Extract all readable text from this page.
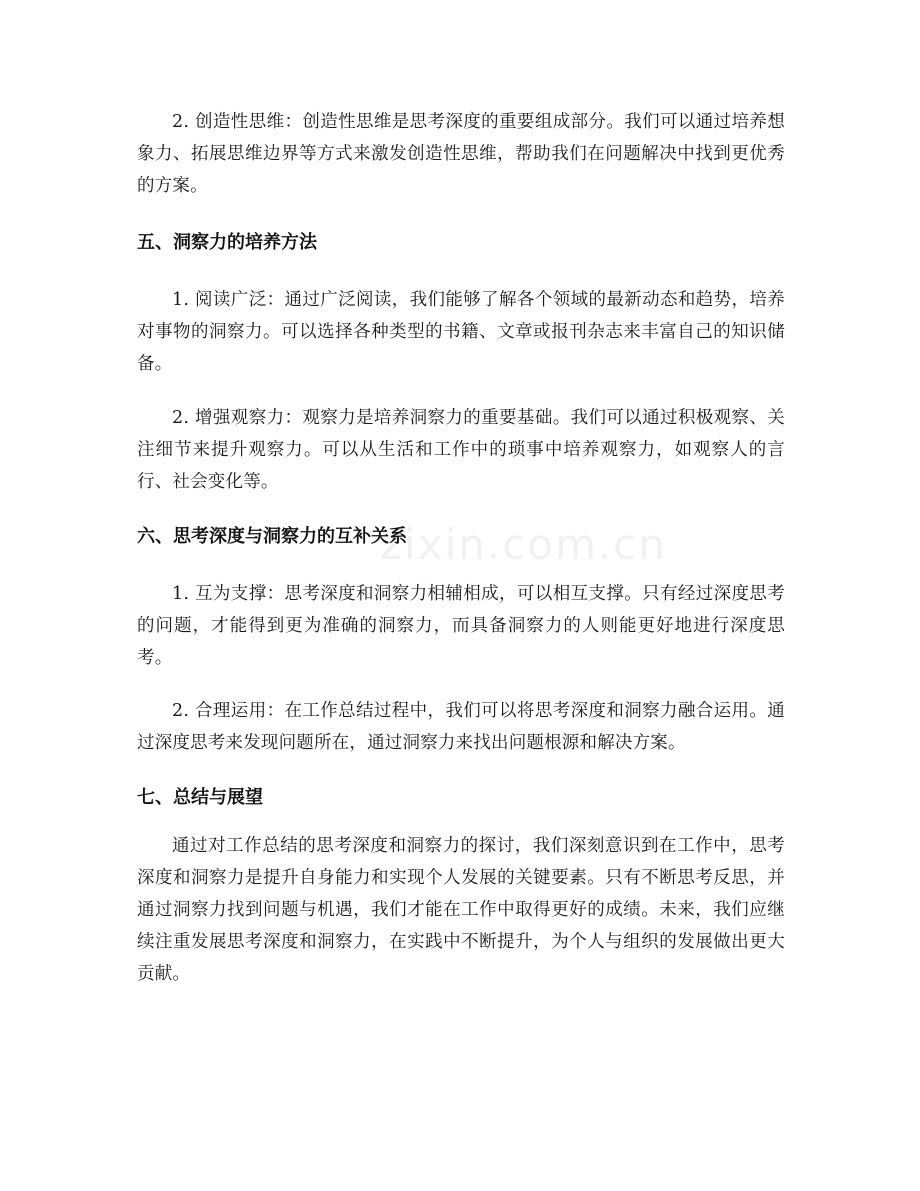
2. 创造性思维：创造性思维是思考深度的重要组成部分。我们可以通过培养想象力、拓展思维边界等方式来激发创造性思维，帮助我们在问题解决中找到更优秀的方案。

五、洞察力的培养方法

1. 阅读广泛：通过广泛阅读，我们能够了解各个领域的最新动态和趋势，培养对事物的洞察力。可以选择各种类型的书籍、文章或报刊杂志来丰富自己的知识储备。

2. 增强观察力：观察力是培养洞察力的重要基础。我们可以通过积极观察、关注细节来提升观察力。可以从生活和工作中的琐事中培养观察力，如观察人的言行、社会变化等。

六、思考深度与洞察力的互补关系

1. 互为支撑：思考深度和洞察力相辅相成，可以相互支撑。只有经过深度思考的问题，才能得到更为准确的洞察力，而具备洞察力的人则能更好地进行深度思考。

2. 合理运用：在工作总结过程中，我们可以将思考深度和洞察力融合运用。通过深度思考来发现问题所在，通过洞察力来找出问题根源和解决方案。

七、总结与展望

通过对工作总结的思考深度和洞察力的探讨，我们深刻意识到在工作中，思考深度和洞察力是提升自身能力和实现个人发展的关键要素。只有不断思考反思，并通过洞察力找到问题与机遇，我们才能在工作中取得更好的成绩。未来，我们应继续注重发展思考深度和洞察力，在实践中不断提升，为个人与组织的发展做出更大贡献。

zixin.com.cn
